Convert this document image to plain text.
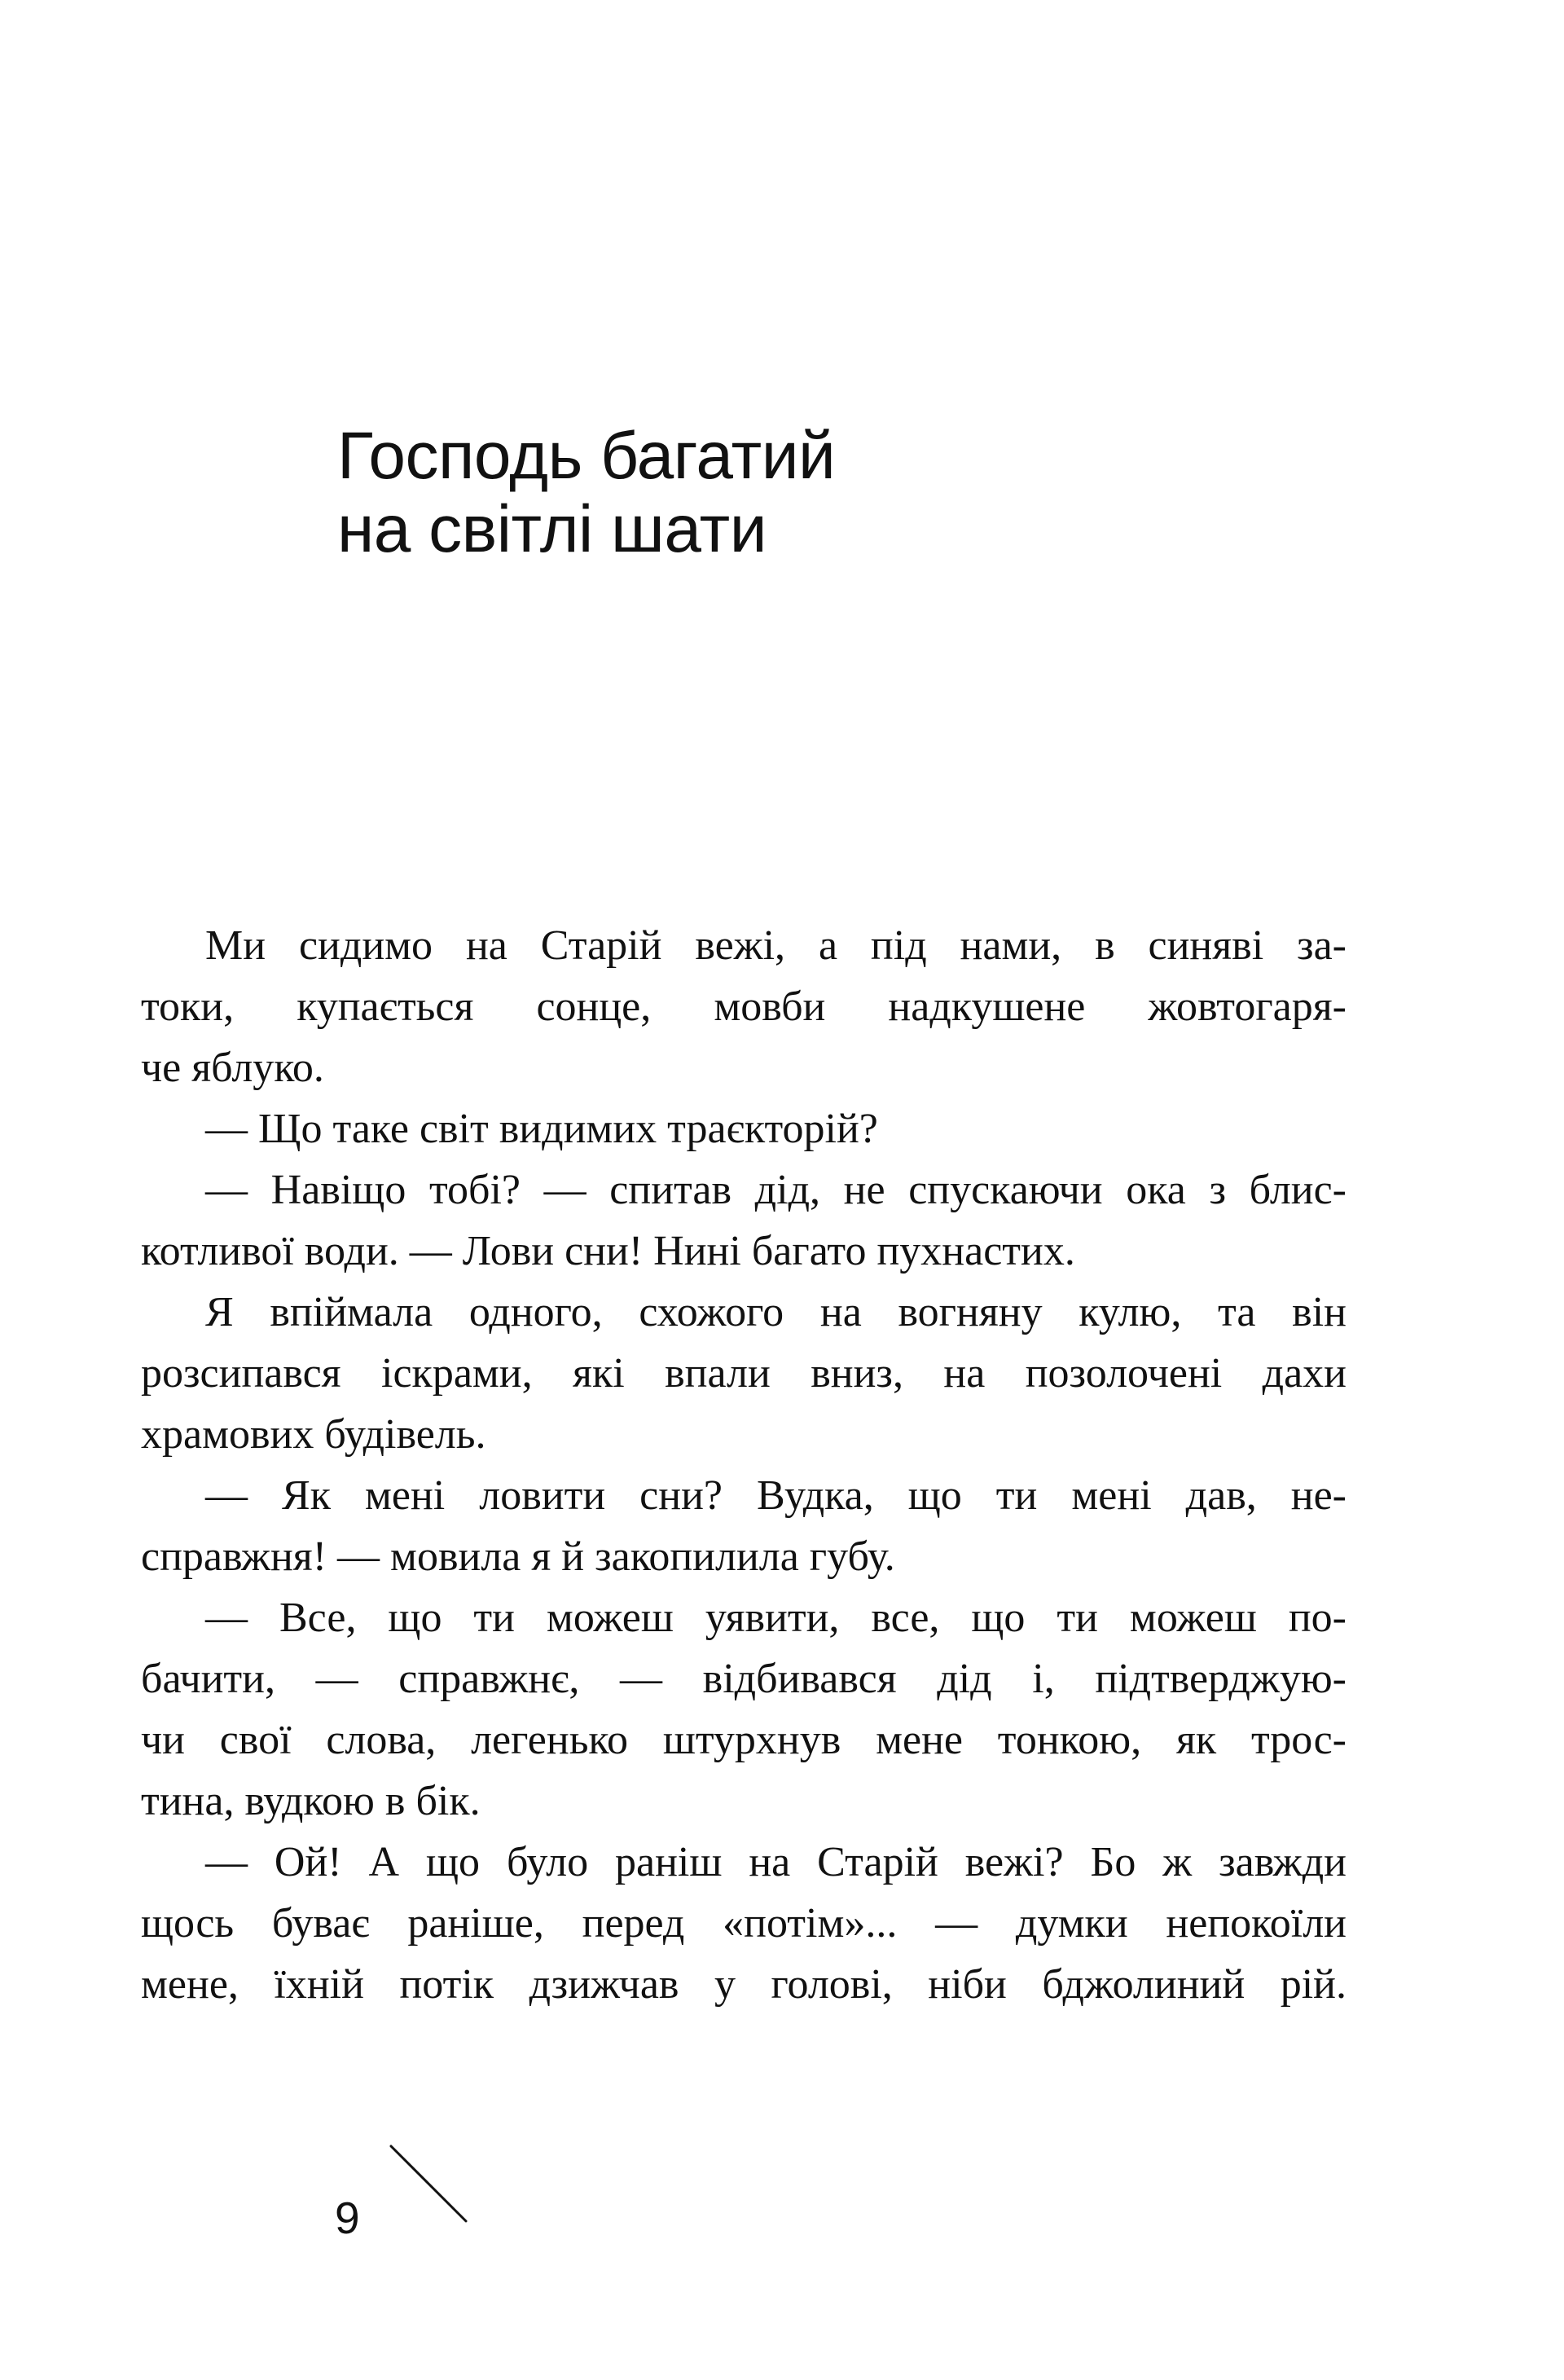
Господь багатий
на світлі шати
Ми сидимо на Старій вежі, а під нами, в синяві за-
токи, купається сонце, мовби надкушене жовтогаря-
че яблуко.
— Що таке світ видимих траєкторій?
— Навіщо тобі? — спитав дід, не спускаючи ока з блис-
котливої води. — Лови сни! Нині багато пухнастих.
Я впіймала одного, схожого на вогняну кулю, та він
розсипався іскрами, які впали вниз, на позолочені дахи
храмових будівель.
— Як мені ловити сни? Вудка, що ти мені дав, не-
справжня! — мовила я й закопилила губу.
— Все, що ти можеш уявити, все, що ти можеш по-
бачити, — справжнє, — відбивався дід і, підтверджую-
чи свої слова, легенько штурхнув мене тонкою, як трос-
тина, вудкою в бік.
— Ой! А що було раніш на Старій вежі? Бо ж завжди
щось буває раніше, перед «потім»... — думки непокоїли
мене, їхній потік дзижчав у голові, ніби бджолиний рій.
9
